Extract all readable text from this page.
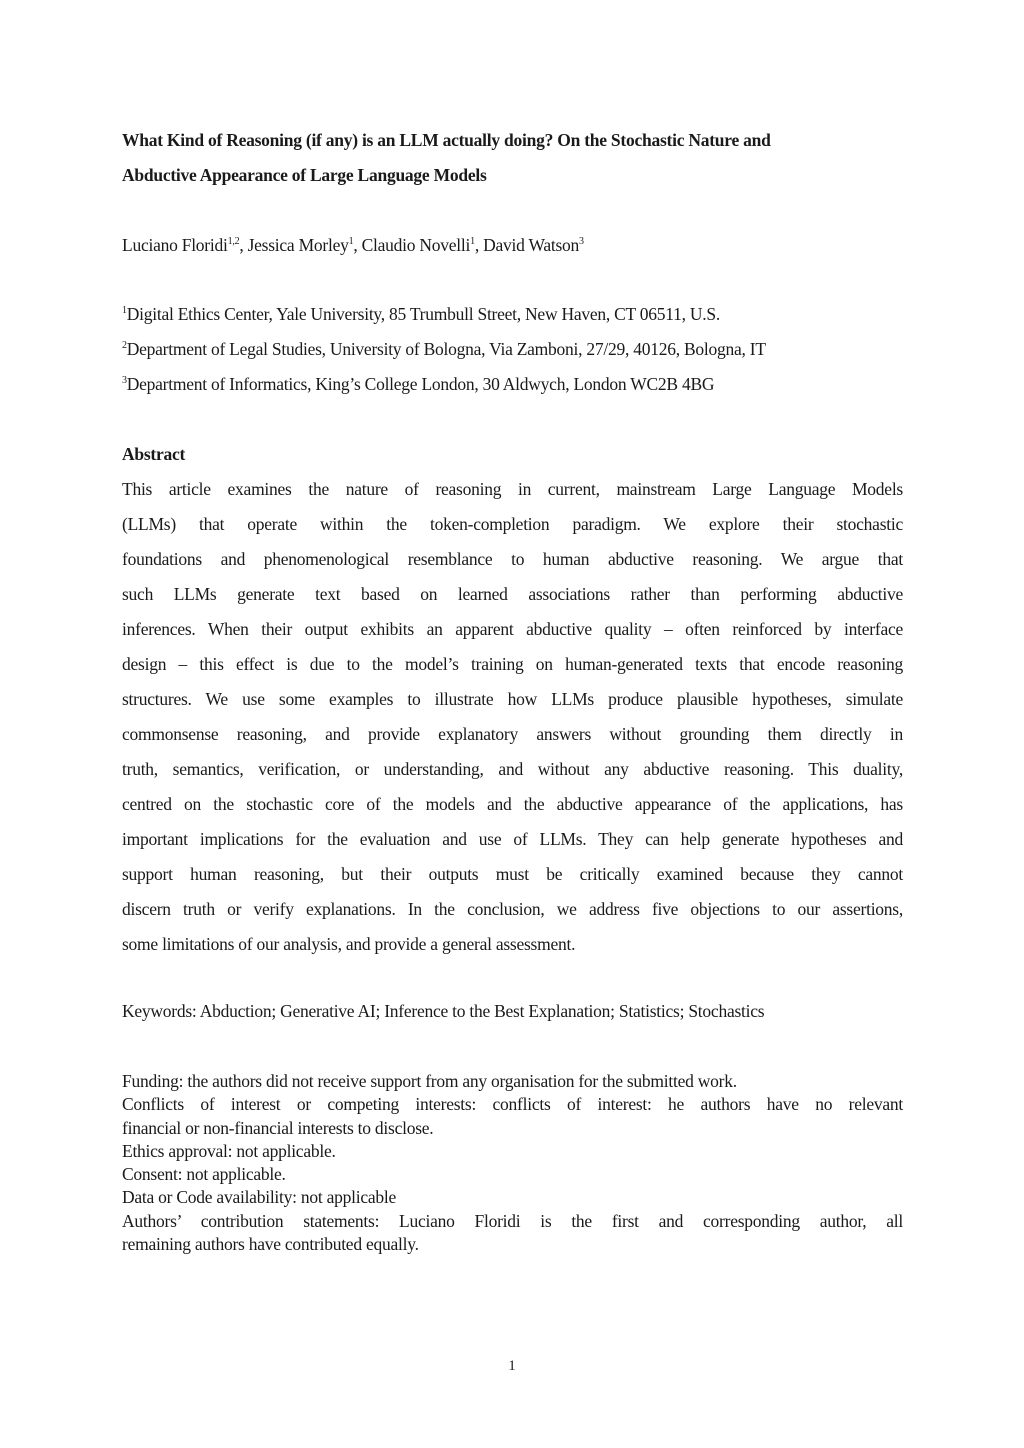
What Kind of Reasoning (if any) is an LLM actually doing? On the Stochastic Nature and
Abductive Appearance of Large Language Models
Luciano Floridi$^{1,2}$, Jessica Morley$^1$, Claudio Novelli$^1$, David Watson$^3$
$^1$Digital Ethics Center, Yale University, 85 Trumbull Street, New Haven, CT 06511, U.S.
$^2$Department of Legal Studies, University of Bologna, Via Zamboni, 27/29, 40126, Bologna, IT
$^3$Department of Informatics, King’s College London, 30 Aldwych, London WC2B 4BG
Abstract
This article examines the nature of reasoning in current, mainstream Large Language Models
(LLMs) that operate within the token-completion paradigm. We explore their stochastic
foundations and phenomenological resemblance to human abductive reasoning. We argue that
such LLMs generate text based on learned associations rather than performing abductive
inferences. When their output exhibits an apparent abductive quality – often reinforced by interface
design – this effect is due to the model’s training on human-generated texts that encode reasoning
structures. We use some examples to illustrate how LLMs produce plausible hypotheses, simulate
commonsense reasoning, and provide explanatory answers without grounding them directly in
truth, semantics, verification, or understanding, and without any abductive reasoning. This duality,
centred on the stochastic core of the models and the abductive appearance of the applications, has
important implications for the evaluation and use of LLMs. They can help generate hypotheses and
support human reasoning, but their outputs must be critically examined because they cannot
discern truth or verify explanations. In the conclusion, we address five objections to our assertions,
some limitations of our analysis, and provide a general assessment.
Keywords: Abduction; Generative AI; Inference to the Best Explanation; Statistics; Stochastics
Funding: the authors did not receive support from any organisation for the submitted work.
Conflicts of interest or competing interests: conflicts of interest: he authors have no relevant
financial or non-financial interests to disclose.
Ethics approval: not applicable.
Consent: not applicable.
Data or Code availability: not applicable
Authors’ contribution statements: Luciano Floridi is the first and corresponding author, all
remaining authors have contributed equally.
1
